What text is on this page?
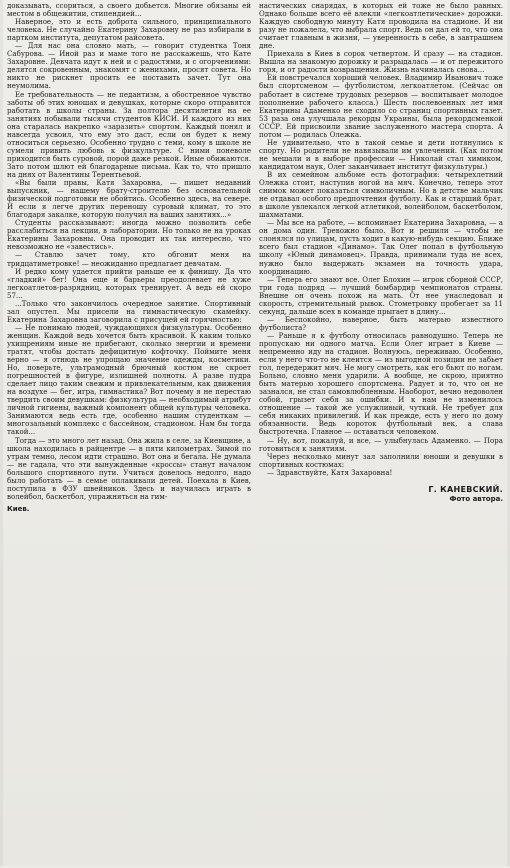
доказывать, ссориться, а своего добьется. Многие обязаны ей местом в общежитии, стипендией...

Наверное, это и есть доброта сильного, принципиального человека. Не случайно Екатерину Захаровну не раз избирали в партком института, депутатом райсовета.

— Для нас она словно мать, — говорит студентка Тоня Сабурова. — Иной раз и маме того не расскажешь, что Кате Захаровне. Девчата идут к ней и с радостями, и с огорчениями: делятся сокровенным, знакомят с женихами, просят совета. Но никто не рискнет просить ее поставить зачет. Тут она неумолима.

Ее требовательность — не педантизм, а обостренное чувство заботы об этих юношах и девушках, которые скоро отправятся работать в школы страны. За полтора десятилетия на ее занятиях побывали тысячи студентов КИСИ. И каждого из них она старалась накрепко «заразить» спортом. Каждый понял и навсегда усвоил, что ему это даст, если он будет к нему относиться серьезно. Особенно трудно с теми, кому в школе не сумели привить любовь к физкультуре. С ними поневоле приходится быть суровой, порой даже резкой. Иные обижаются. Зато потом шлют ей благодарные письма. Как то, что пришло на днях от Валентины Терентьевой.

«Вы были правы, Катя Захаровна, — пишет недавний выпускник, — нашему брату-строителю без основательной физической подготовки не обойтись. Особенно здесь, на севере. И если я легче других переношу суровый климат, то это благодаря закалке, которую получил на ваших занятиях...»

Студенты рассказывают: иногда можно позволить себе расслабиться на лекции, в лаборатории. Но только не на уроках Екатерины Захаровны. Она проводит их так интересно, что невозможно не «завестись».

— Ставлю зачет тому, кто обгонит меня на тридцатиметровке! — неожиданно предлагает девчатам.

И редко кому удается прийти раньше ее к финишу. Да что «гладкий» бег! Она еще и барьеры преодолевает не хуже легкоатлетов-разрядниц, которых тренирует. А ведь ей скоро 57...

...Только что закончилось очередное занятие. Спортивный зал опустел. Мы присели на гимнастическую скамейку. Екатерина Захаровна заговорила с присущей ей горячностью:

— Не понимаю людей, чуждающихся физкультуры. Особенно женщин. Каждой ведь хочется быть красивой. К каким только ухищрениям иные не прибегают, сколько энергии и времени тратят, чтобы достать дефицитную кофточку. Поймите меня верно — я отнюдь не упрощаю значение одежды, косметики. Но, поверьте, ультрамодный брючный костюм не скроет погрешностей в фигуре, излишней полноты. А разве пудра сделает лицо таким свежим и привлекательным, как движения на воздухе — бег, игра, гимнастика? Вот почему я не перестаю твердить своим девушкам: физкультура — необходимый атрибут личной гигиены, важный компонент общей культуры человека. Занимаются ведь есть где, особенно нашим студенткам — многозальный комплекс с бассейном, стадионом. Нам бы тогда такой...

Тогда — это много лет назад. Она жила в селе, за Киевщине, а школа находилась в райцентре — в пяти километрах. Зимой по утрам темно, лесом идти страшно. Вот она и бегала. Не думала — не гадала, что эти вынужденные «кроссы» станут началом большого спортивного пути. Учиться довелось недолго, надо было работать — в семье оплакивали детей. Поехала в Киев, поступила в ФЗУ швейников. Здесь и научилась играть в волейбол, баскетбол, упражняться на гим-

Киев.

настических снарядах, в которых ей тоже не было равных. Однако больше всего её влекли «легкоатлетические» дорожки. Каждую свободную минуту Катя проводила на стадионе. И ни разу не пожалела, что выбрала спорт. Ведь он дал ей то, что она считает главным в жизни, — уверенность в себе, в завтрашнем дне.

Приехала в Киев в сорок четвертом. И сразу — на стадион. Вышла на знакомую дорожку и разрыдалась — и от пережитого горя, и от радости возвращения. Жизнь начиналась снова...

Ей повстречался хороший человек. Владимир Иванович тоже был спортсменом — футболистом, легкоатлетом. (Сейчас он работает в системе трудовых резервов — воспитывает молодое пополнение рабочего класса.) Шесть послевоенных лет имя Екатерины Адаменко не сходило со страниц спортивных газет. 53 раза она улучшала рекорды Украины, была рекордсменкой СССР. Ей присвоили звание заслуженного мастера спорта. А потом — родилась Олежка.

Не удивительно, что в такой семье и дети потянулись к спорту. Но родители не навязывали им увлечений. (Как потом не мешали и в выборе профессии — Николай стал химиком, кандидатом наук, Олег заканчивает институт физкультуры.)

В их семейном альбоме есть фотография: четырехлетний Олежка стоит, наступив ногой на мяч. Конечно, теперь этот снимок может показаться символичным. Но в детстве мальчик не отдавал особого предпочтения футболу. Как и старший брат, в школе увлекался легкой атлетикой, волейболом, баскетболом, шахматами.

— Мы все на работе, — вспоминает Екатерина Захаровна, — а он дома один. Тревожно было. Вот и решили — чтобы не слонялся по улицам, пусть ходит в какую-нибудь секцию. Ближе всего был стадион «Динамо». Так Олег попал в футбольную школу «Юный динамовец». Правда, принимали туда не всех, нужно было выдержать экзамен на точность удара, координацию.

— Теперь его знают все. Олег Блохин — игрок сборной СССР, три года подряд — лучший бомбардир чемпионатов страны. Внешне он очень похож на мать. От нее унаследовал и скорость, стремительный рывок. Стометровку пробегает за 11 секунд, дальше всех в команде прыгает в длину...

— Беспокойно, наверное, быть матерью известного футболиста?

— Раньше я к футболу относилась равнодушно. Теперь не пропускаю ни одного матча. Если Олег играет в Киеве — непременно иду на стадион. Волнуюсь, переживаю. Особенно, если у него что-то не клеится — из выгодной позиции не забьет гол, передержит мяч. Не могу смотреть, как его бьют по ногам. Больно, словно меня ударили. А вообще, не скрою, приятно быть матерью хорошего спортсмена. Радует и то, что он не зазнался, не стал самовлюбленным. Наоборот, вечно недоволен собой, грызет себя за ошибки. И к нам не изменилось отношение — такой же услужливый, чуткий. Не требует для себя никаких привилегий. И как прежде, есть у него по дому обязанности. Ведь короток футбольный век, а слава быстротечна. Главное — оставаться человеком.

— Ну, вот, пожалуй, и все, — улыбнулась Адаменко. — Пора готовиться к занятиям.

Через несколько минут зал заполнили юноши и девушки в спортивных костюмах:

— Здравствуйте, Катя Захаровна!

Г. КАНЕВСКИЙ.
Фото автора.
